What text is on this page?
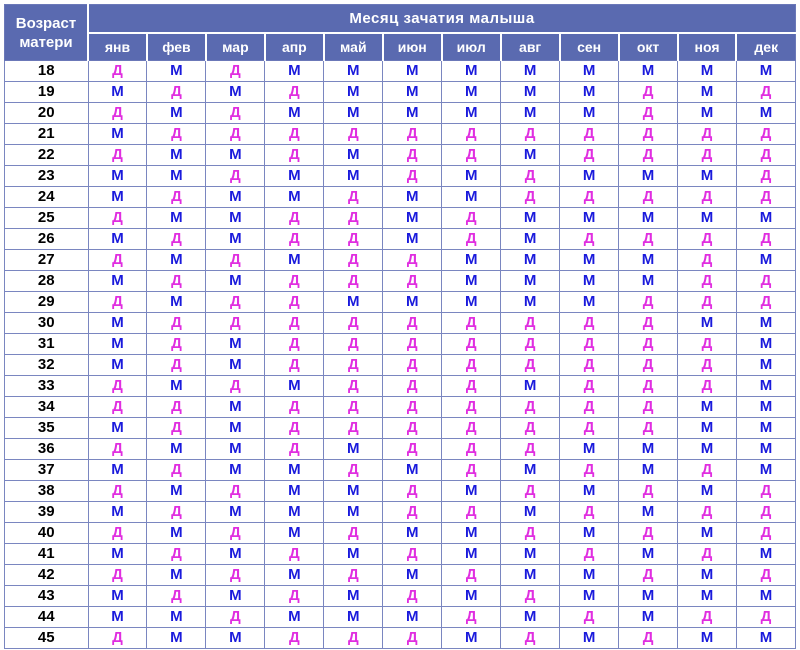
Возраст
матери	Месяц зачатия малыша											
	янв	фев	мар	апр	май	июн	июл	авг	сен	окт	ноя	дек
18	Д	М	Д	М	М	М	М	М	М	М	М	М
19	М	Д	М	Д	М	М	М	М	М	Д	М	Д
20	Д	М	Д	М	М	М	М	М	М	Д	М	М
21	М	Д	Д	Д	Д	Д	Д	Д	Д	Д	Д	Д
22	Д	М	М	Д	М	Д	Д	М	Д	Д	Д	Д
23	М	М	Д	М	М	Д	М	Д	М	М	М	Д
24	М	Д	М	М	Д	М	М	Д	Д	Д	Д	Д
25	Д	М	М	Д	Д	М	Д	М	М	М	М	М
26	М	Д	М	Д	Д	М	Д	М	Д	Д	Д	Д
27	Д	М	Д	М	Д	Д	М	М	М	М	Д	М
28	М	Д	М	Д	Д	Д	М	М	М	М	Д	Д
29	Д	М	Д	Д	М	М	М	М	М	Д	Д	Д
30	М	Д	Д	Д	Д	Д	Д	Д	Д	Д	М	М
31	М	Д	М	Д	Д	Д	Д	Д	Д	Д	Д	М
32	М	Д	М	Д	Д	Д	Д	Д	Д	Д	Д	М
33	Д	М	Д	М	Д	Д	Д	М	Д	Д	Д	М
34	Д	Д	М	Д	Д	Д	Д	Д	Д	Д	М	М
35	М	Д	М	Д	Д	Д	Д	Д	Д	Д	М	М
36	Д	М	М	Д	М	Д	Д	Д	М	М	М	М
37	М	Д	М	М	Д	М	Д	М	Д	М	Д	М
38	Д	М	Д	М	М	Д	М	Д	М	Д	М	Д
39	М	Д	М	М	М	Д	Д	М	Д	М	Д	Д
40	Д	М	Д	М	Д	М	М	Д	М	Д	М	Д
41	М	Д	М	Д	М	Д	М	М	Д	М	Д	М
42	Д	М	Д	М	Д	М	Д	М	М	Д	М	Д
43	М	Д	М	Д	М	Д	М	Д	М	М	М	М
44	М	М	Д	М	М	М	Д	М	Д	М	Д	Д
45	Д	М	М	Д	Д	Д	М	Д	М	Д	М	М
